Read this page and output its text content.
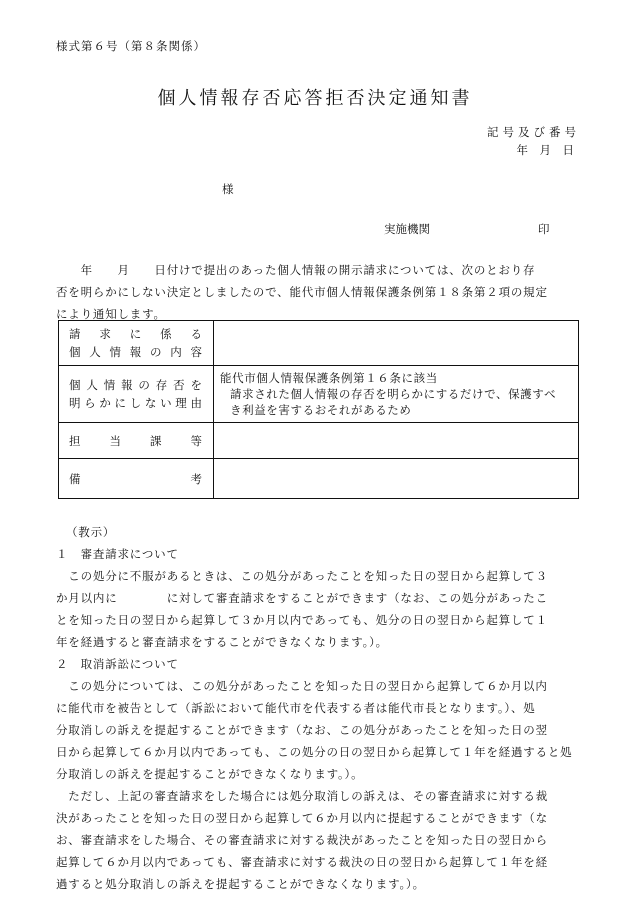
様式第６号（第８条関係）
個人情報存否応答拒否決定通知書
記号及び番号
年　月　日
様
実施機関	印
　　年　　月　　日付けで提出のあった個人情報の開示請求については、次のとおり存
否を明らかにしない決定としましたので、能代市個人情報保護条例第１８条第２項の規定
により通知します。
請　求　に　係　る
個人情報の内容	

個人情報の存否を
明らかにしない理由	能代市個人情報保護条例第１６条に該当
請求された個人情報の存否を明らかにするだけで、保護すべ
き利益を害するおそれがあるため

担　当　課　等	

備　　　　考	

（教示）
１　審査請求について
　この処分に不服があるときは、この処分があったことを知った日の翌日から起算して３
か月以内に　　　　に対して審査請求をすることができます（なお、この処分があったこ
とを知った日の翌日から起算して３か月以内であっても、処分の日の翌日から起算して１
年を経過すると審査請求をすることができなくなります。）。
２　取消訴訟について
　この処分については、この処分があったことを知った日の翌日から起算して６か月以内
に能代市を被告として（訴訟において能代市を代表する者は能代市長となります。）、処
分取消しの訴えを提起することができます（なお、この処分があったことを知った日の翌
日から起算して６か月以内であっても、この処分の日の翌日から起算して１年を経過すると処
分取消しの訴えを提起することができなくなります。）。
　ただし、上記の審査請求をした場合には処分取消しの訴えは、その審査請求に対する裁
決があったことを知った日の翌日から起算して６か月以内に提起することができます（な
お、審査請求をした場合、その審査請求に対する裁決があったことを知った日の翌日から
起算して６か月以内であっても、審査請求に対する裁決の日の翌日から起算して１年を経
過すると処分取消しの訴えを提起することができなくなります。）。
